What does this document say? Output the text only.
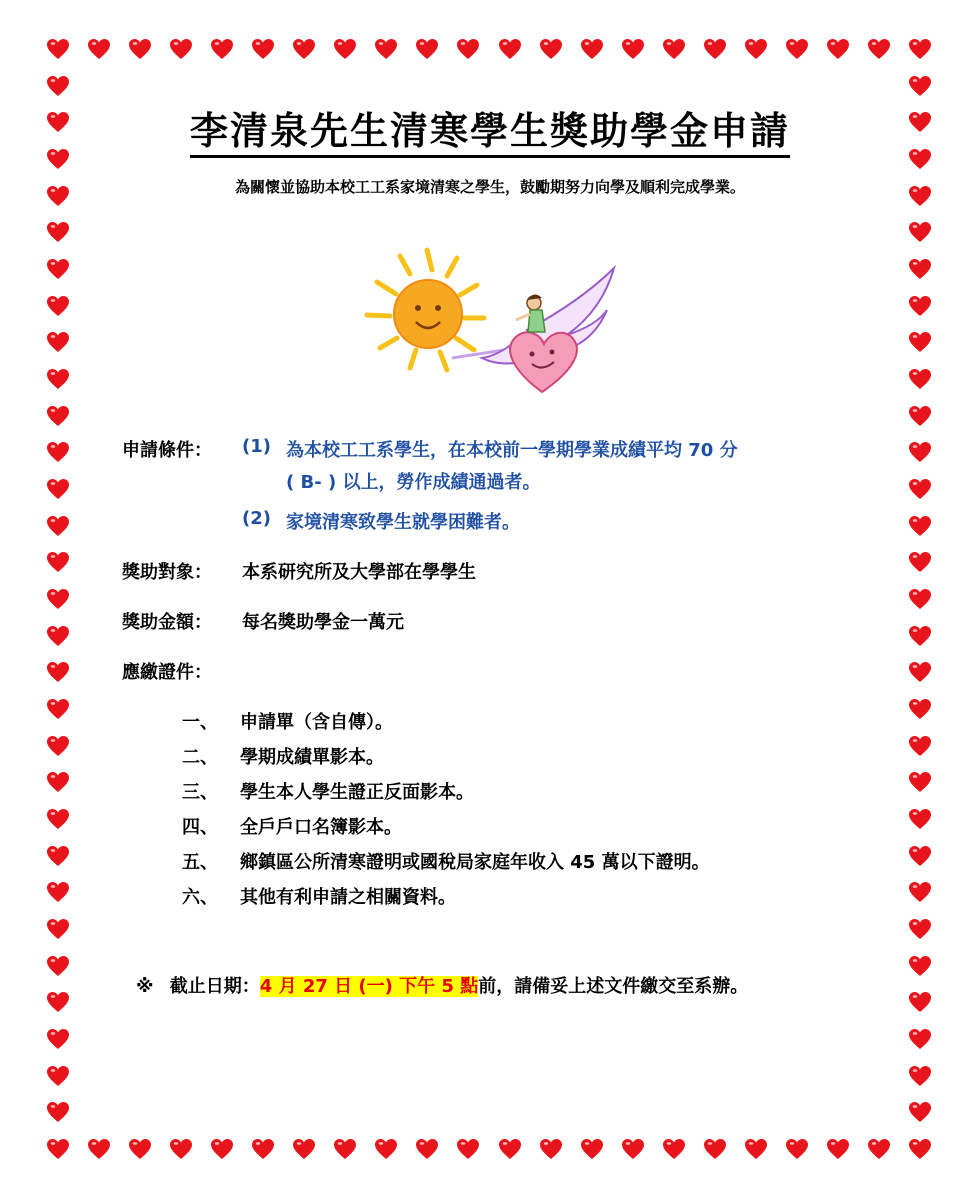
李清泉先生清寒學生獎助學金申請
為關懷並協助本校工工系家境清寒之學生，鼓勵期努力向學及順利完成學業。
申請條件： (1) 為本校工工系學生，在本校前一學期學業成績平均 70 分
( B- ) 以上，勞作成績通過者。
(2) 家境清寒致學生就學困難者。
獎助對象： 本系研究所及大學部在學學生
獎助金額： 每名獎助學金一萬元
應繳證件：
一、 申請單（含自傳）。
二、 學期成績單影本。
三、 學生本人學生證正反面影本。
四、 全戶戶口名簿影本。
五、 鄉鎮區公所清寒證明或國稅局家庭年收入 45 萬以下證明。
六、 其他有利申請之相關資料。
※ 截止日期：4 月 27 日 (一) 下午 5 點前，請備妥上述文件繳交至系辦。
